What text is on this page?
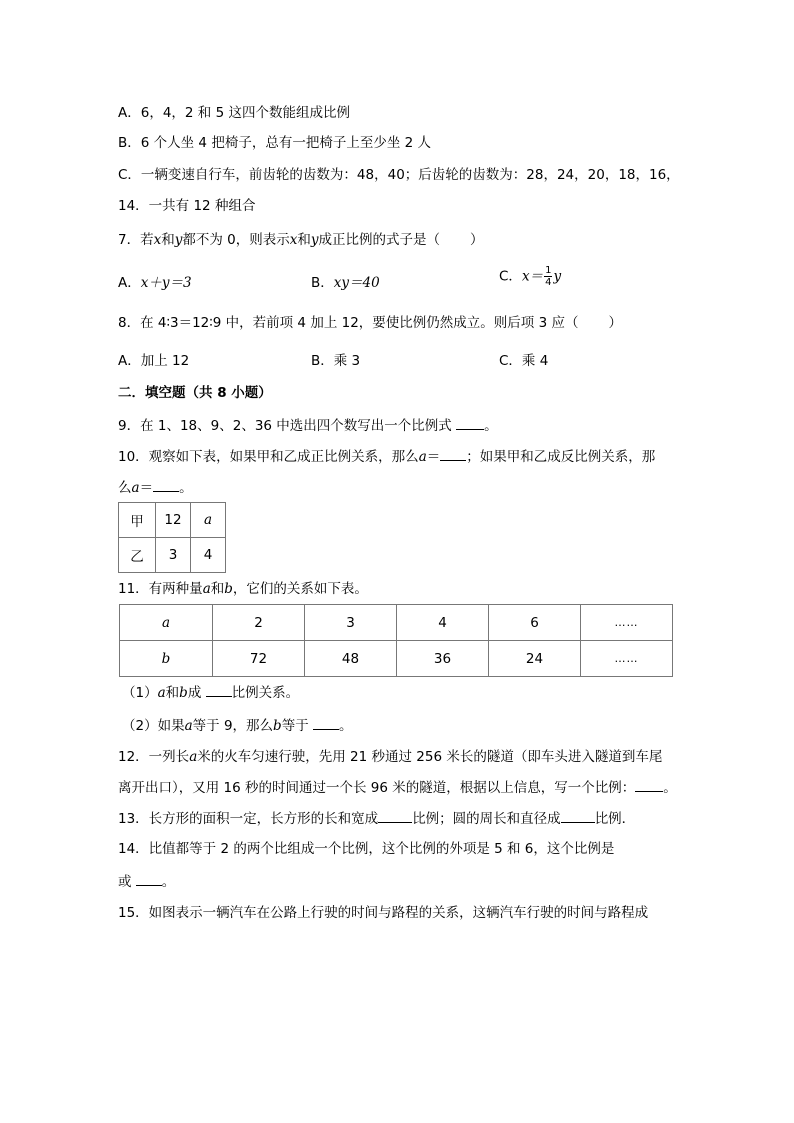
A．6，4，2 和 5 这四个数能组成比例
B．6 个人坐 4 把椅子，总有一把椅子上至少坐 2 人
C．一辆变速自行车，前齿轮的齿数为：48，40；后齿轮的齿数为：28，24，20，18，16，
14．一共有 12 种组合
7．若x和y都不为 0，则表示x和y成正比例的式子是（ ）
A．x＋y＝3	B．xy＝40	C．$x= \frac{1}{4}$ y
8．在 4∶3＝12∶9 中，若前项 4 加上 12，要使比例仍然成立。则后项 3 应（ ）
A．加上 12	B．乘 3	C．乘 4
二．填空题（共 8 小题）
9．在 1、18、9、2、36 中选出四个数写出一个比例式 。
10．观察如下表，如果甲和乙成正比例关系，那么a＝ ；如果甲和乙成反比例关系，那
么a＝ 。
甲	12	a
乙	3	4
11．有两种量a和b，它们的关系如下表。
a	2	3	4	6	……
b	72	48	36	24	……
（1）a和b成 比例关系。
（2）如果a等于 9，那么b等于 。
12．一列长a米的火车匀速行驶，先用 21 秒通过 256 米长的隧道（即车头进入隧道到车尾
离开出口），又用 16 秒的时间通过一个长 96 米的隧道，根据以上信息，写一个比例： 。
13．长方形的面积一定，长方形的长和宽成	比例；圆的周长和直径成	比例．
14．比值都等于 2 的两个比组成一个比例，这个比例的外项是 5 和 6，这个比例是
或 。
15．如图表示一辆汽车在公路上行驶的时间与路程的关系，这辆汽车行驶的时间与路程成
